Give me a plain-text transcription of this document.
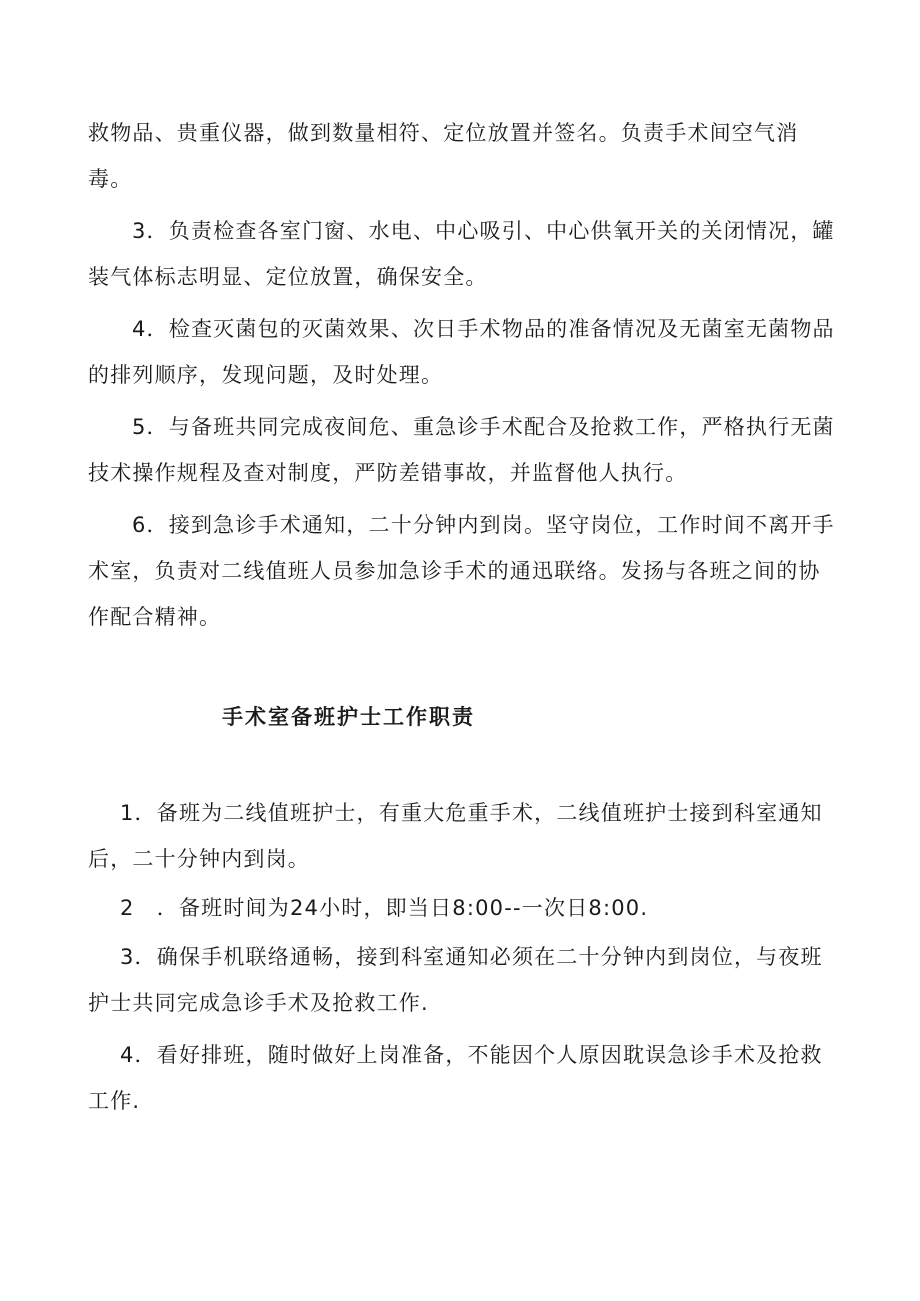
救物品、贵重仪器，做到数量相符、定位放置并签名。负责手术间空气消毒。

3．负责检查各室门窗、水电、中心吸引、中心供氧开关的关闭情况，罐装气体标志明显、定位放置，确保安全。

4．检查灭菌包的灭菌效果、次日手术物品的准备情况及无菌室无菌物品的排列顺序，发现问题，及时处理。

5．与备班共同完成夜间危、重急诊手术配合及抢救工作，严格执行无菌技术操作规程及查对制度，严防差错事故，并监督他人执行。

6．接到急诊手术通知，二十分钟内到岗。坚守岗位，工作时间不离开手术室，负责对二线值班人员参加急诊手术的通迅联络。发扬与各班之间的协作配合精神。

手术室备班护士工作职责

1．备班为二线值班护士，有重大危重手术，二线值班护士接到科室通知后，二十分钟内到岗。

2　．备班时间为24小时，即当日8:00--一次日8:00.

3．确保手机联络通畅，接到科室通知必须在二十分钟内到岗位，与夜班护士共同完成急诊手术及抢救工作.

4．看好排班，随时做好上岗准备，不能因个人原因耽误急诊手术及抢救工作.
